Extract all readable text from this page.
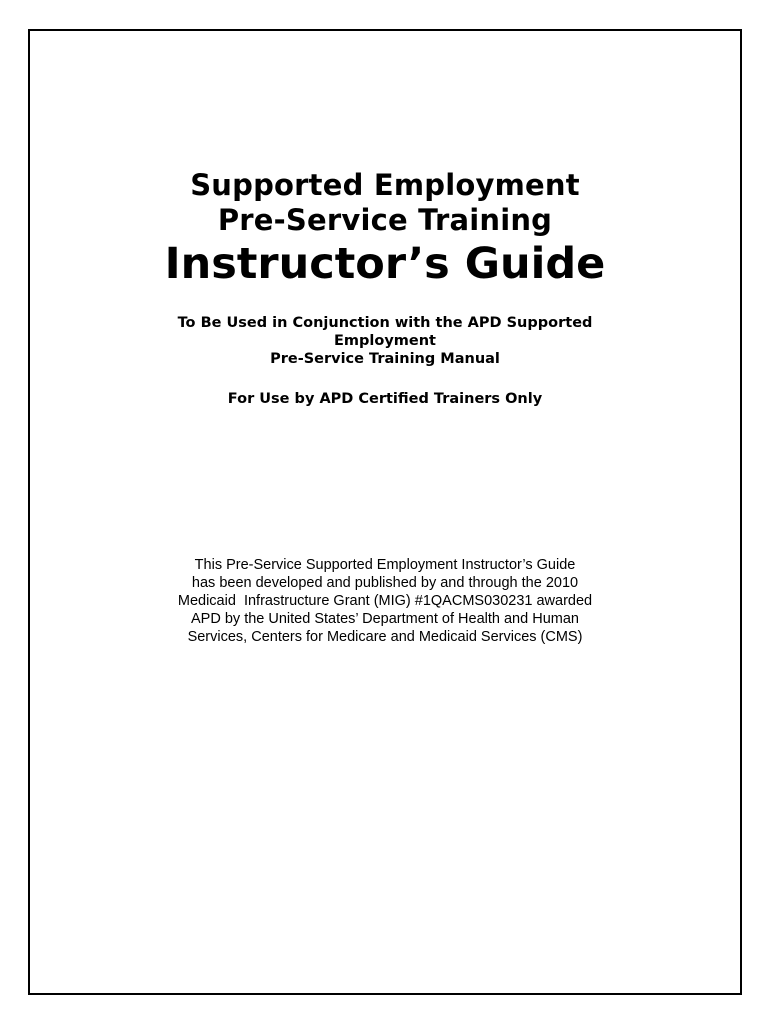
Supported Employment
Pre-Service Training
Instructor’s Guide
To Be Used in Conjunction with the APD Supported
Employment
Pre-Service Training Manual
For Use by APD Certified Trainers Only
This Pre-Service Supported Employment Instructor’s Guide
has been developed and published by and through the 2010
Medicaid  Infrastructure Grant (MIG) #1QACMS030231 awarded
APD by the United States’ Department of Health and Human
Services, Centers for Medicare and Medicaid Services (CMS)
